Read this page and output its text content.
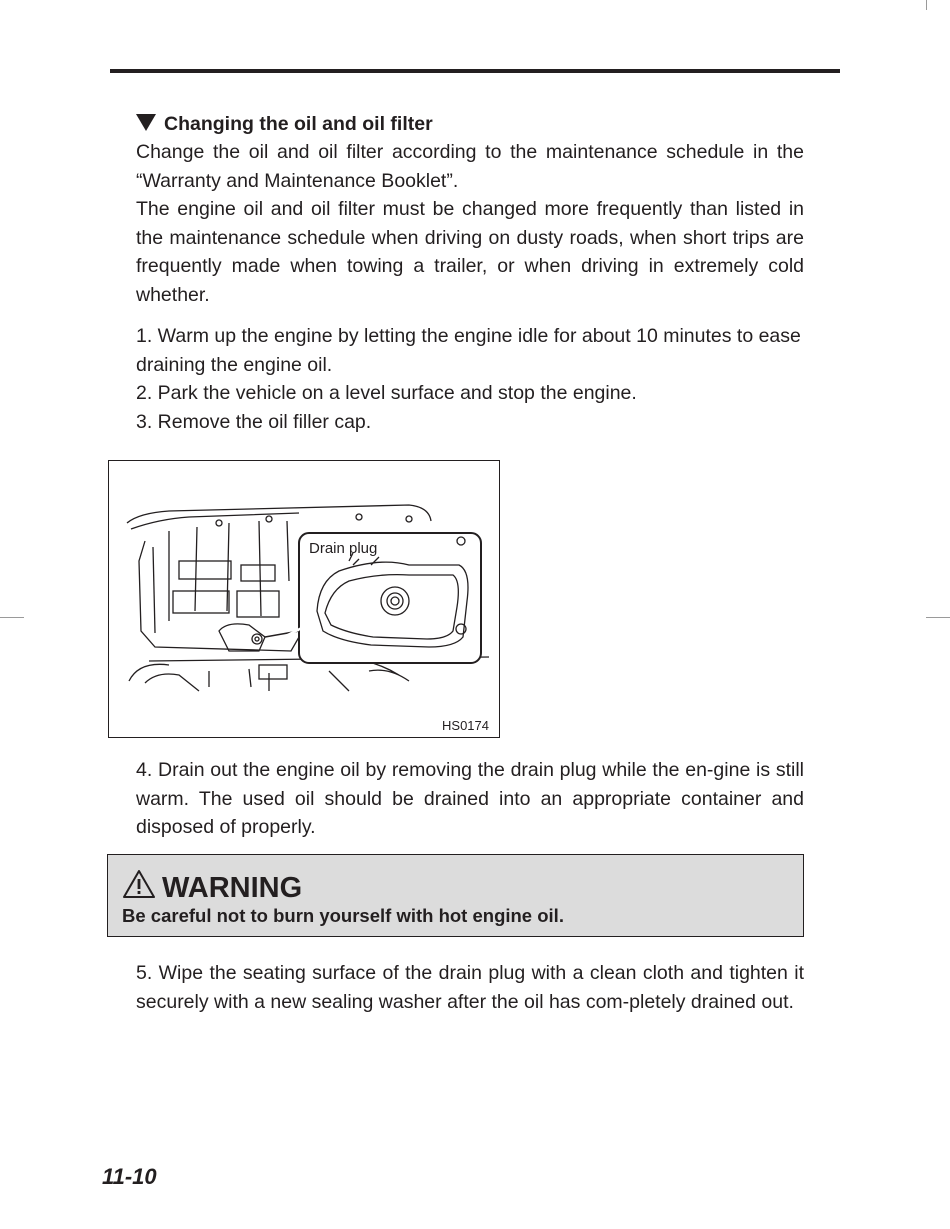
Changing the oil and oil filter

Change the oil and oil filter according to the maintenance schedule in the “Warranty and Maintenance Booklet”.

The engine oil and oil filter must be changed more frequently than listed in the maintenance schedule when driving on dusty roads, when short trips are frequently made when towing a trailer, or when driving in extremely cold whether.

1. Warm up the engine by letting the engine idle for about 10 minutes to ease draining the engine oil.

2. Park the vehicle on a level surface and stop the engine.

3. Remove the oil filler cap.

Drain plug
HS0174
4. Drain out the engine oil by removing the drain plug while the en-gine is still warm. The used oil should be drained into an appropriate container and disposed of properly.
WARNING
Be careful not to burn yourself with hot engine oil.
5. Wipe the seating surface of the drain plug with a clean cloth and tighten it securely with a new sealing washer after the oil has com-pletely drained out.
11-10
